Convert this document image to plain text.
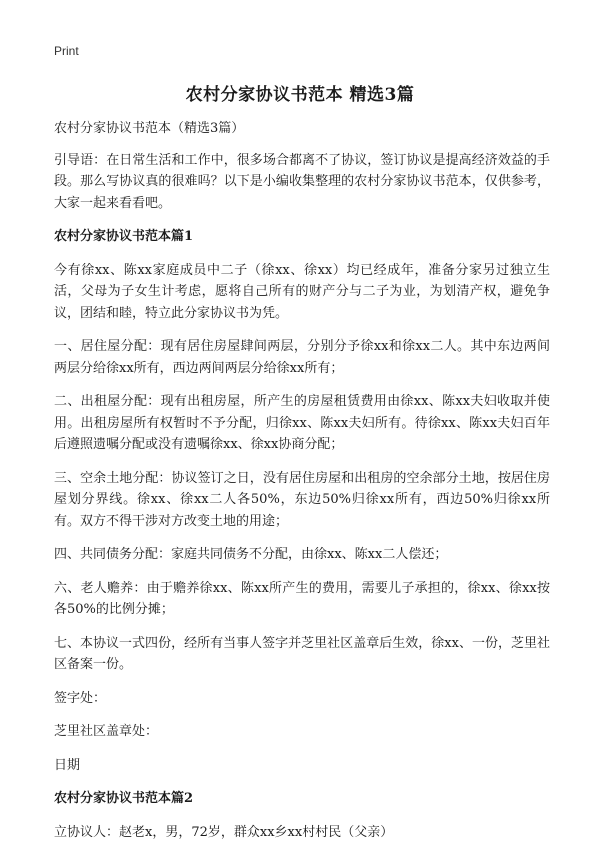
Print
农村分家协议书范本 精选3篇

农村分家协议书范本（精选3篇）

引导语：在日常生活和工作中，很多场合都离不了协议，签订协议是提高经济效益的手段。那么写协议真的很难吗？以下是小编收集整理的农村分家协议书范本，仅供参考，大家一起来看看吧。

农村分家协议书范本篇1

今有徐xx、陈xx家庭成员中二子（徐xx、徐xx）均已经成年，准备分家另过独立生活，父母为子女生计考虑，愿将自己所有的财产分与二子为业，为划清产权，避免争议，团结和睦，特立此分家协议书为凭。

一、居住屋分配：现有居住房屋肆间两层，分别分予徐xx和徐xx二人。其中东边两间两层分给徐xx所有，西边两间两层分给徐xx所有；

二、出租屋分配：现有出租房屋，所产生的房屋租赁费用由徐xx、陈xx夫妇收取并使用。出租房屋所有权暂时不予分配，归徐xx、陈xx夫妇所有。待徐xx、陈xx夫妇百年后遵照遗嘱分配或没有遗嘱徐xx、徐xx协商分配；

三、空余土地分配：协议签订之日，没有居住房屋和出租房的空余部分土地，按居住房屋划分界线。徐xx、徐xx二人各50%，东边50%归徐xx所有，西边50%归徐xx所有。双方不得干涉对方改变土地的用途；

四、共同债务分配：家庭共同债务不分配，由徐xx、陈xx二人偿还；

六、老人赡养：由于赡养徐xx、陈xx所产生的费用，需要儿子承担的，徐xx、徐xx按各50%的比例分摊；

七、本协议一式四份，经所有当事人签字并芝里社区盖章后生效，徐xx、一份，芝里社区备案一份。

签字处：

芝里社区盖章处：

日期

农村分家协议书范本篇2

立协议人：赵老x，男，72岁，群众xx乡xx村村民（父亲）
